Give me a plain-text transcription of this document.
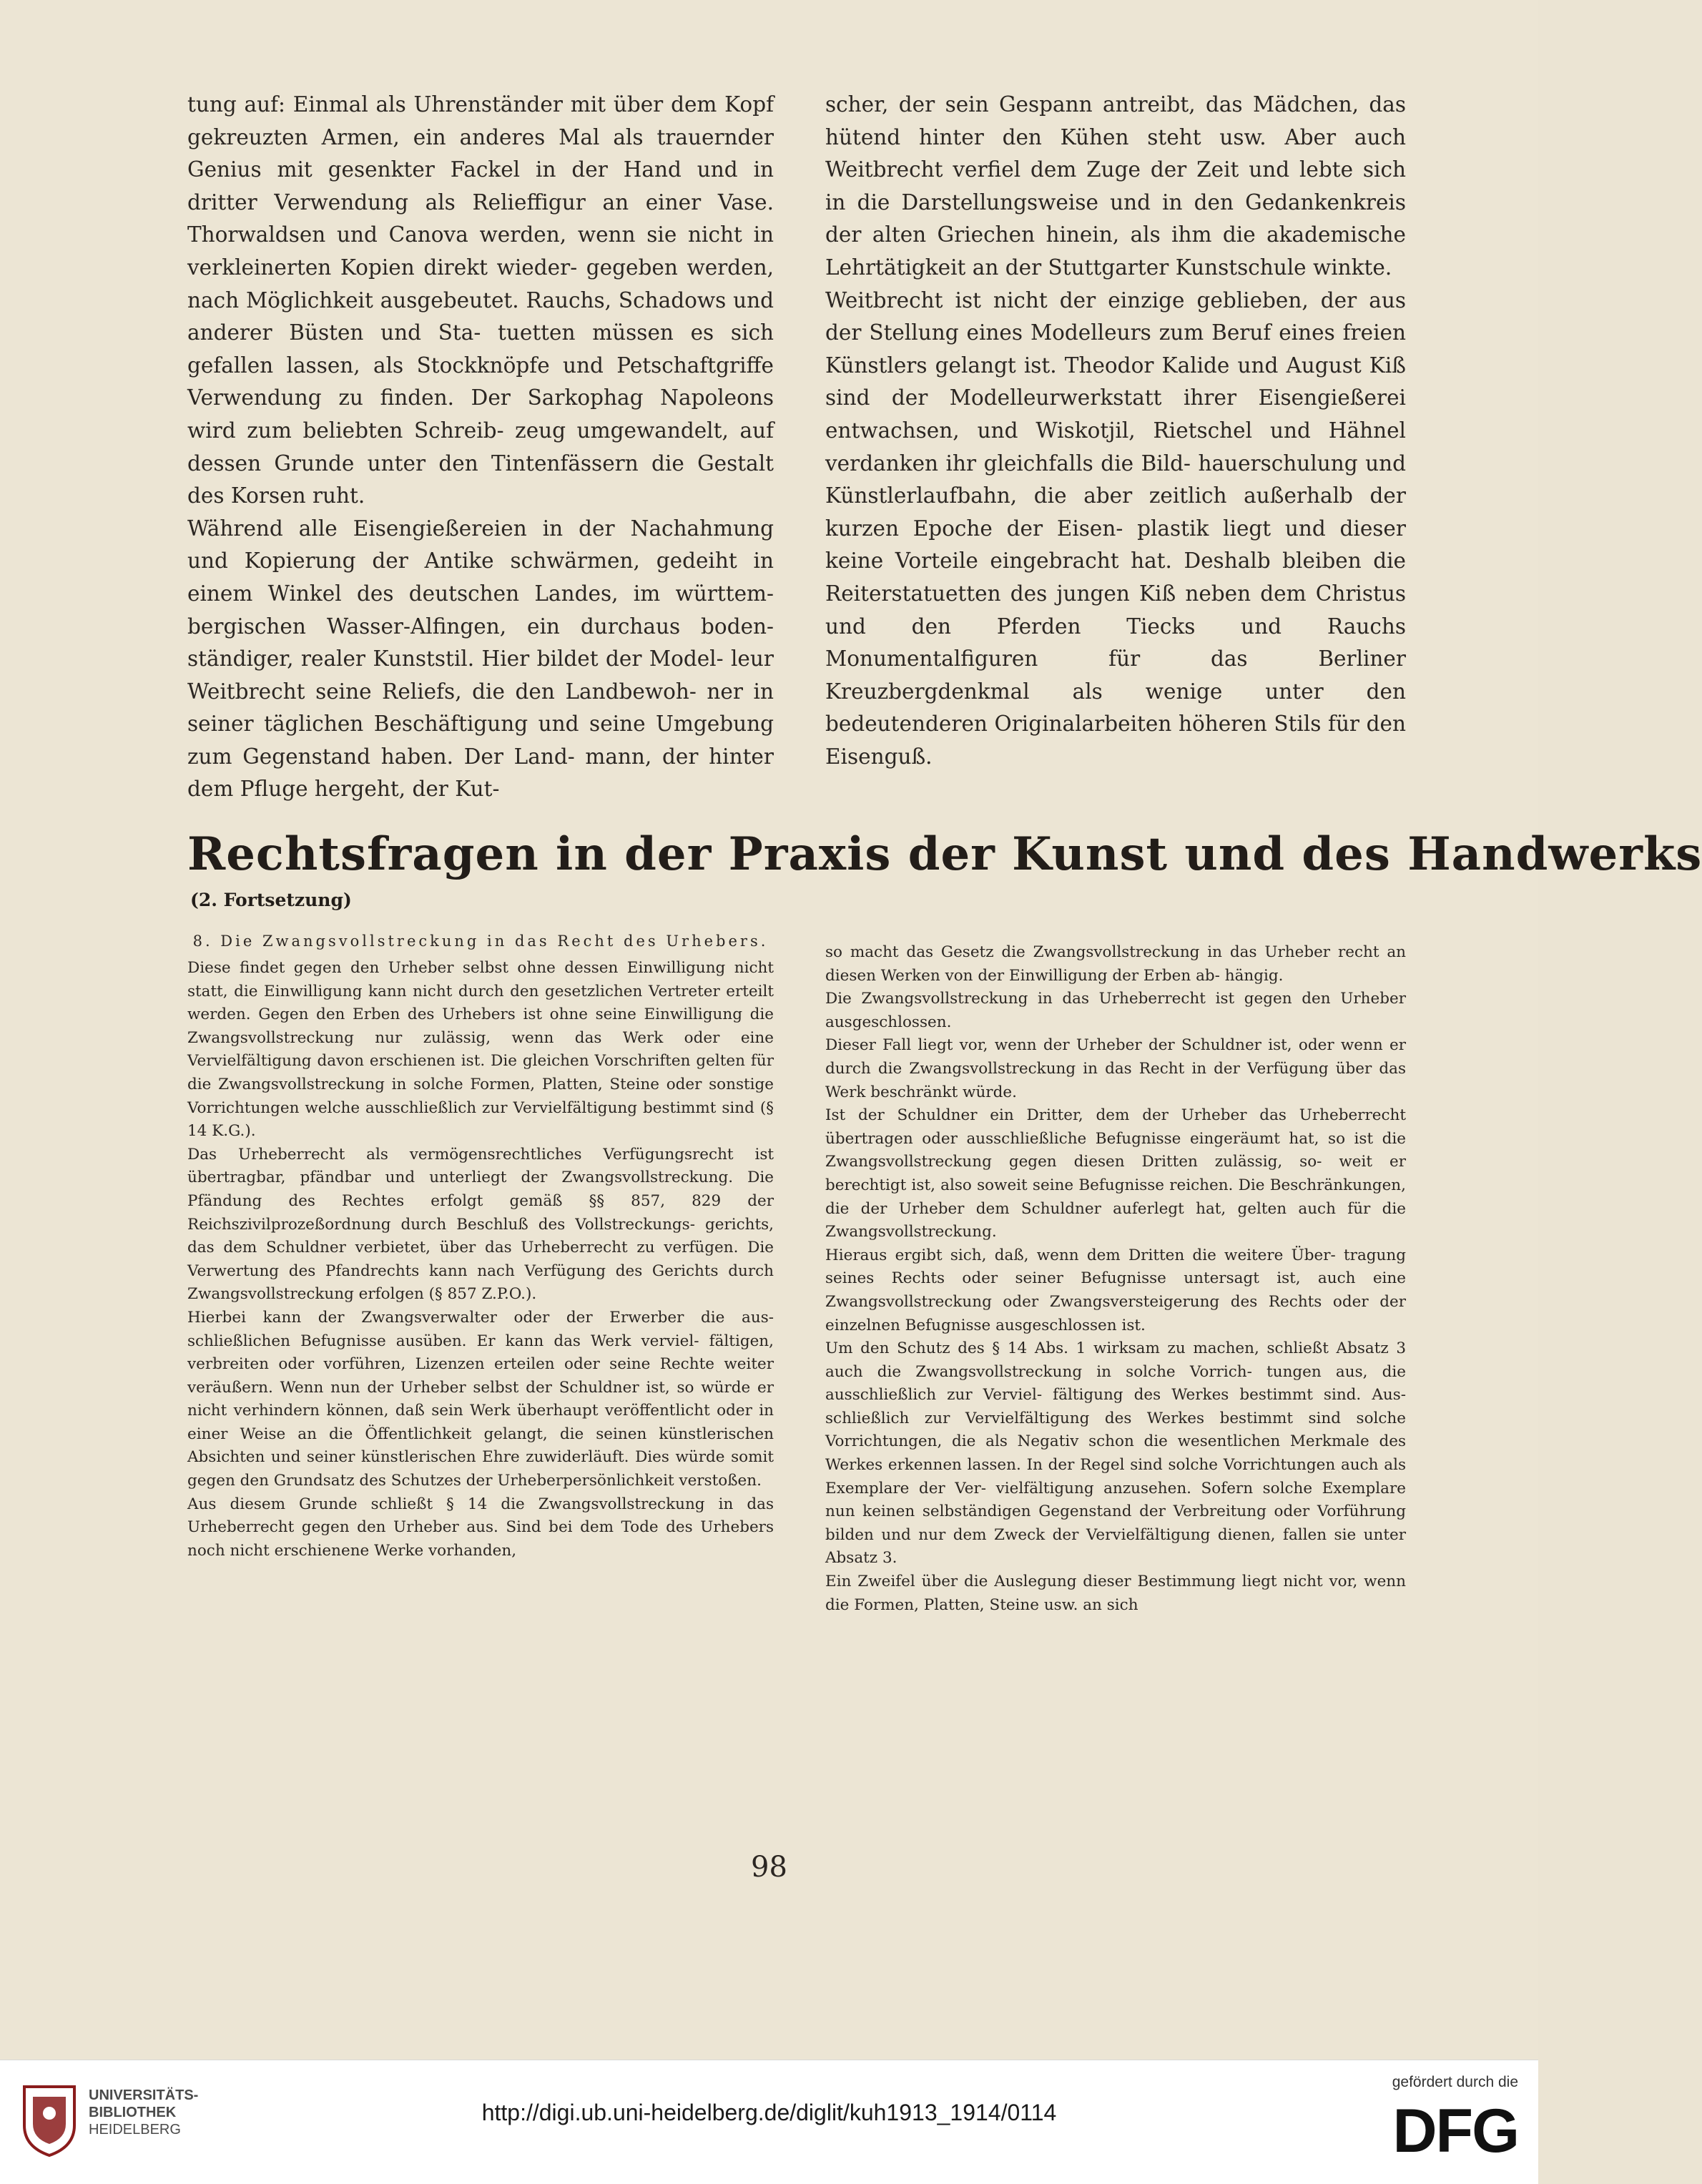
tung auf: Einmal als Uhrenständer mit über dem Kopf gekreuzten Armen, ein anderes Mal als trauernder Genius mit gesenkter Fackel in der Hand und in dritter Verwendung als Relieffigur an einer Vase. Thorwaldsen und Canova werden, wenn sie nicht in verkleinerten Kopien direkt wieder- gegeben werden, nach Möglichkeit ausgebeutet. Rauchs, Schadows und anderer Büsten und Sta- tuetten müssen es sich gefallen lassen, als Stockknöpfe und Petschaftgriffe Verwendung zu finden. Der Sarkophag Napoleons wird zum beliebten Schreib- zeug umgewandelt, auf dessen Grunde unter den Tintenfässern die Gestalt des Korsen ruht.

Während alle Eisengießereien in der Nachahmung und Kopierung der Antike schwärmen, gedeiht in einem Winkel des deutschen Landes, im württem- bergischen Wasser-Alfingen, ein durchaus boden- ständiger, realer Kunststil. Hier bildet der Model- leur Weitbrecht seine Reliefs, die den Landbewoh- ner in seiner täglichen Beschäftigung und seine Umgebung zum Gegenstand haben. Der Land- mann, der hinter dem Pfluge hergeht, der Kut-

scher, der sein Gespann antreibt, das Mädchen, das hütend hinter den Kühen steht usw. Aber auch Weitbrecht verfiel dem Zuge der Zeit und lebte sich in die Darstellungsweise und in den Gedankenkreis der alten Griechen hinein, als ihm die akademische Lehrtätigkeit an der Stuttgarter Kunstschule winkte.

Weitbrecht ist nicht der einzige geblieben, der aus der Stellung eines Modelleurs zum Beruf eines freien Künstlers gelangt ist. Theodor Kalide und August Kiß sind der Modelleurwerkstatt ihrer Eisengießerei entwachsen, und Wiskotjil, Rietschel und Hähnel verdanken ihr gleichfalls die Bild- hauerschulung und Künstlerlaufbahn, die aber zeitlich außerhalb der kurzen Epoche der Eisen- plastik liegt und dieser keine Vorteile eingebracht hat. Deshalb bleiben die Reiterstatuetten des jungen Kiß neben dem Christus und den Pferden Tiecks und Rauchs Monumentalfiguren für das Berliner Kreuzbergdenkmal als wenige unter den bedeutenderen Originalarbeiten höheren Stils für den Eisenguß.

Rechtsfragen in der Praxis der Kunst und des Handwerks
(2. Fortsetzung)

8. Die Zwangsvollstreckung in das Recht des Urhebers.

Diese findet gegen den Urheber selbst ohne dessen Einwilligung nicht statt, die Einwilligung kann nicht durch den gesetzlichen Vertreter erteilt werden. Gegen den Erben des Urhebers ist ohne seine Einwilligung die Zwangsvollstreckung nur zulässig, wenn das Werk oder eine Vervielfältigung davon erschienen ist. Die gleichen Vorschriften gelten für die Zwangsvollstreckung in solche Formen, Platten, Steine oder sonstige Vorrichtungen welche ausschließlich zur Vervielfältigung bestimmt sind (§ 14 K.G.).

Das Urheberrecht als vermögensrechtliches Verfügungsrecht ist übertragbar, pfändbar und unterliegt der Zwangsvollstreckung. Die Pfändung des Rechtes erfolgt gemäß §§ 857, 829 der Reichszivilprozeßordnung durch Beschluß des Vollstreckungs- gerichts, das dem Schuldner verbietet, über das Urheberrecht zu verfügen. Die Verwertung des Pfandrechts kann nach Verfügung des Gerichts durch Zwangsvollstreckung erfolgen (§ 857 Z.P.O.).

Hierbei kann der Zwangsverwalter oder der Erwerber die aus- schließlichen Befugnisse ausüben. Er kann das Werk verviel- fältigen, verbreiten oder vorführen, Lizenzen erteilen oder seine Rechte weiter veräußern. Wenn nun der Urheber selbst der Schuldner ist, so würde er nicht verhindern können, daß sein Werk überhaupt veröffentlicht oder in einer Weise an die Öffentlichkeit gelangt, die seinen künstlerischen Absichten und seiner künstlerischen Ehre zuwiderläuft. Dies würde somit gegen den Grundsatz des Schutzes der Urheberpersönlichkeit verstoßen.

Aus diesem Grunde schließt § 14 die Zwangsvollstreckung in das Urheberrecht gegen den Urheber aus. Sind bei dem Tode des Urhebers noch nicht erschienene Werke vorhanden,

so macht das Gesetz die Zwangsvollstreckung in das Urheber recht an diesen Werken von der Einwilligung der Erben ab- hängig.

Die Zwangsvollstreckung in das Urheberrecht ist gegen den Urheber ausgeschlossen.

Dieser Fall liegt vor, wenn der Urheber der Schuldner ist, oder wenn er durch die Zwangsvollstreckung in das Recht in der Verfügung über das Werk beschränkt würde.

Ist der Schuldner ein Dritter, dem der Urheber das Urheberrecht übertragen oder ausschließliche Befugnisse eingeräumt hat, so ist die Zwangsvollstreckung gegen diesen Dritten zulässig, so- weit er berechtigt ist, also soweit seine Befugnisse reichen. Die Beschränkungen, die der Urheber dem Schuldner auferlegt hat, gelten auch für die Zwangsvollstreckung.

Hieraus ergibt sich, daß, wenn dem Dritten die weitere Über- tragung seines Rechts oder seiner Befugnisse untersagt ist, auch eine Zwangsvollstreckung oder Zwangsversteigerung des Rechts oder der einzelnen Befugnisse ausgeschlossen ist.

Um den Schutz des § 14 Abs. 1 wirksam zu machen, schließt Absatz 3 auch die Zwangsvollstreckung in solche Vorrich- tungen aus, die ausschließlich zur Verviel- fältigung des Werkes bestimmt sind. Aus- schließlich zur Vervielfältigung des Werkes bestimmt sind solche Vorrichtungen, die als Negativ schon die wesentlichen Merkmale des Werkes erkennen lassen. In der Regel sind solche Vorrichtungen auch als Exemplare der Ver- vielfältigung anzusehen. Sofern solche Exemplare nun keinen selbständigen Gegenstand der Verbreitung oder Vorführung bilden und nur dem Zweck der Vervielfältigung dienen, fallen sie unter Absatz 3.

Ein Zweifel über die Auslegung dieser Bestimmung liegt nicht vor, wenn die Formen, Platten, Steine usw. an sich

98
UNIVERSITÄTS-
BIBLIOTHEK
HEIDELBERG
http://digi.ub.uni-heidelberg.de/diglit/kuh1913_1914/0114
gefördert durch die
DFG
